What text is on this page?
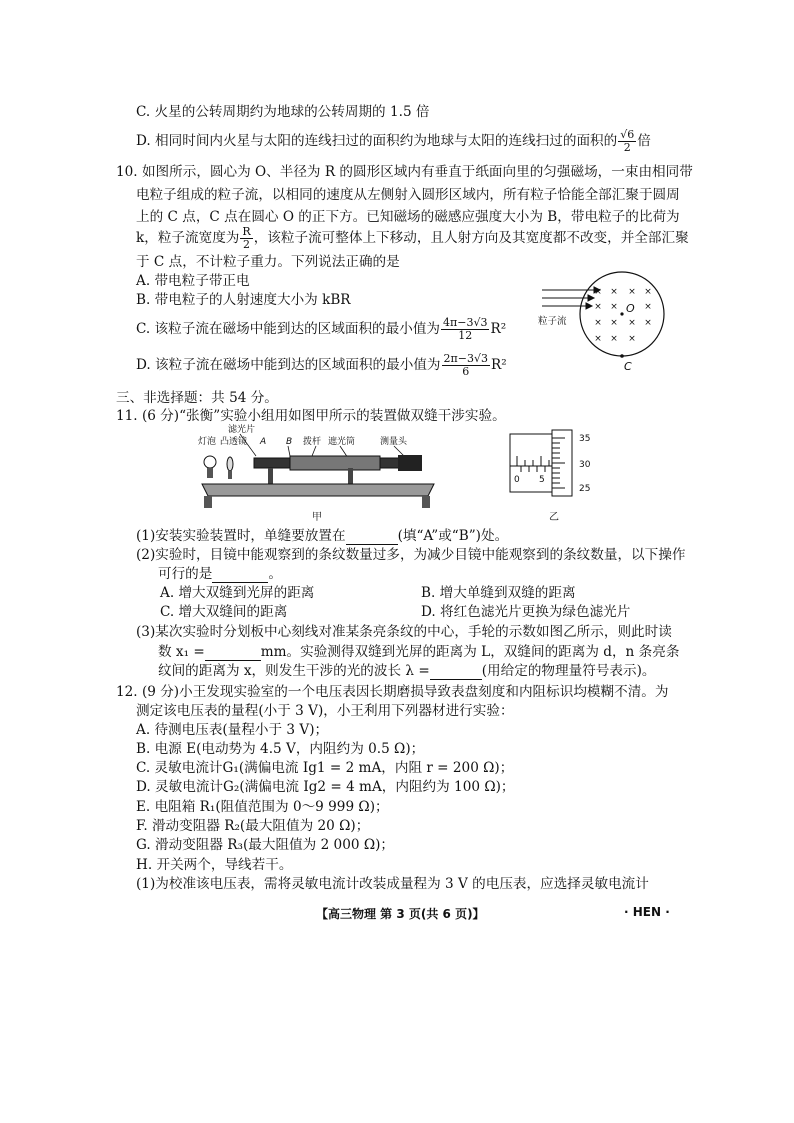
C. 火星的公转周期约为地球的公转周期的 1.5 倍
D. 相同时间内火星与太阳的连线扫过的面积约为地球与太阳的连线扫过的面积的 $\frac{√6}{2}$ 倍
10. 如图所示，圆心为 O、半径为 R 的圆形区域内有垂直于纸面向里的匀强磁场，一束由相同带
电粒子组成的粒子流，以相同的速度从左侧射入圆形区域内，所有粒子恰能全部汇聚于圆周
上的 C 点，C 点在圆心 O 的正下方。已知磁场的磁感应强度大小为 B，带电粒子的比荷为
k，粒子流宽度为 $\frac{R}{2}$ ，该粒子流可整体上下移动，且人射方向及其宽度都不改变，并全部汇聚
于 C 点，不计粒子重力。下列说法正确的是
A. 带电粒子带正电
B. 带电粒子的人射速度大小为 kBR
C. 该粒子流在磁场中能到达的区域面积的最小值为 $\frac{4\pi-3√3}{12} R^2$
D. 该粒子流在磁场中能到达的区域面积的最小值为 $\frac{2\pi-3√3}{6} R^2$
× × × ×
× ×	×
× × × ×
× × ×
O
C
粒子流
三、非选择题：共 54 分。
11. (6 分)“张衡”实验小组用如图甲所示的装置做双缝干涉实验。
滤光片
灯泡 凸透镜 A B 拨杆 遮光筒	测量头
甲
35
30
25
0 5
乙
(1)安装实验装置时，单缝要放置在	(填“A”或“B”)处。
(2)实验时，目镜中能观察到的条纹数量过多，为减少目镜中能观察到的条纹数量，以下操作
可行的是	。
A. 增大双缝到光屏的距离	B. 增大单缝到双缝的距离
C. 增大双缝间的距离	D. 将红色滤光片更换为绿色滤光片
(3)某次实验时分划板中心刻线对准某条亮条纹的中心，手轮的示数如图乙所示，则此时读
数 x₁ =	mm。实验测得双缝到光屏的距离为 L，双缝间的距离为 d，n 条亮条
纹间的距离为 x，则发生干涉的光的波长 λ =	(用给定的物理量符号表示)。
12. (9 分)小王发现实验室的一个电压表因长期磨损导致表盘刻度和内阻标识均模糊不清。为
测定该电压表的量程(小于 3 V)，小王利用下列器材进行实验：
A. 待测电压表(量程小于 3 V)；
B. 电源 E(电动势为 4.5 V，内阻约为 0.5 Ω)；
C. 灵敏电流计G₁(满偏电流 Ig1 = 2 mA，内阻 r = 200 Ω)；
D. 灵敏电流计G₂(满偏电流 Ig2 = 4 mA，内阻约为 100 Ω)；
E. 电阻箱 R₁(阻值范围为 0～9 999 Ω)；
F. 滑动变阻器 R₂(最大阻值为 20 Ω)；
G. 滑动变阻器 R₃(最大阻值为 2 000 Ω)；
H. 开关两个，导线若干。
(1)为校准该电压表，需将灵敏电流计改装成量程为 3 V 的电压表，应选择灵敏电流计
【高三物理 第 3 页(共 6 页)】	· HEN ·
